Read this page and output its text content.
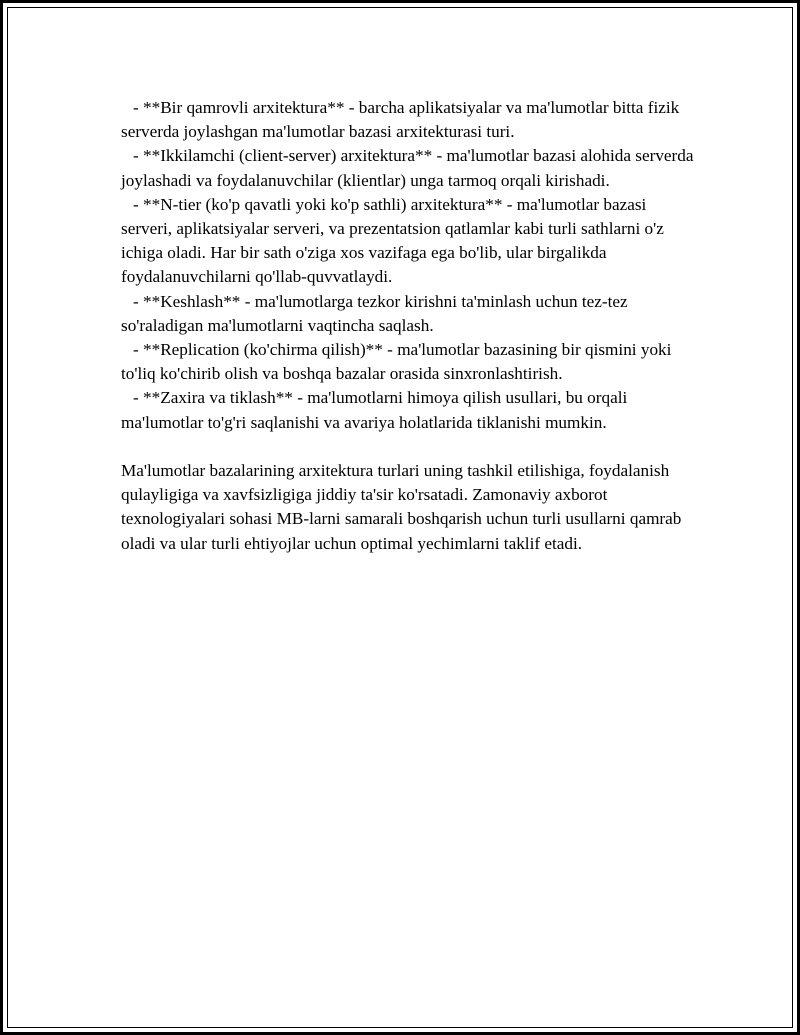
- **Bir qamrovli arxitektura** - barcha aplikatsiyalar va ma'lumotlar bitta fizik serverda joylashgan ma'lumotlar bazasi arxitekturasi turi.

- **Ikkilamchi (client-server) arxitektura** - ma'lumotlar bazasi alohida serverda joylashadi va foydalanuvchilar (klientlar) unga tarmoq orqali kirishadi.

- **N-tier (ko'p qavatli yoki ko'p sathli) arxitektura** - ma'lumotlar bazasi serveri, aplikatsiyalar serveri, va prezentatsion qatlamlar kabi turli sathlarni o'z ichiga oladi. Har bir sath o'ziga xos vazifaga ega bo'lib, ular birgalikda foydalanuvchilarni qo'llab-quvvatlaydi.

- **Keshlash** - ma'lumotlarga tezkor kirishni ta'minlash uchun tez-tez so'raladigan ma'lumotlarni vaqtincha saqlash.

- **Replication (ko'chirma qilish)** - ma'lumotlar bazasining bir qismini yoki to'liq ko'chirib olish va boshqa bazalar orasida sinxronlashtirish.

- **Zaxira va tiklash** - ma'lumotlarni himoya qilish usullari, bu orqali ma'lumotlar to'g'ri saqlanishi va avariya holatlarida tiklanishi mumkin.

Ma'lumotlar bazalarining arxitektura turlari uning tashkil etilishiga, foydalanish qulayligiga va xavfsizligiga jiddiy ta'sir ko'rsatadi. Zamonaviy axborot texnologiyalari sohasi MB-larni samarali boshqarish uchun turli usullarni qamrab oladi va ular turli ehtiyojlar uchun optimal yechimlarni taklif etadi.
